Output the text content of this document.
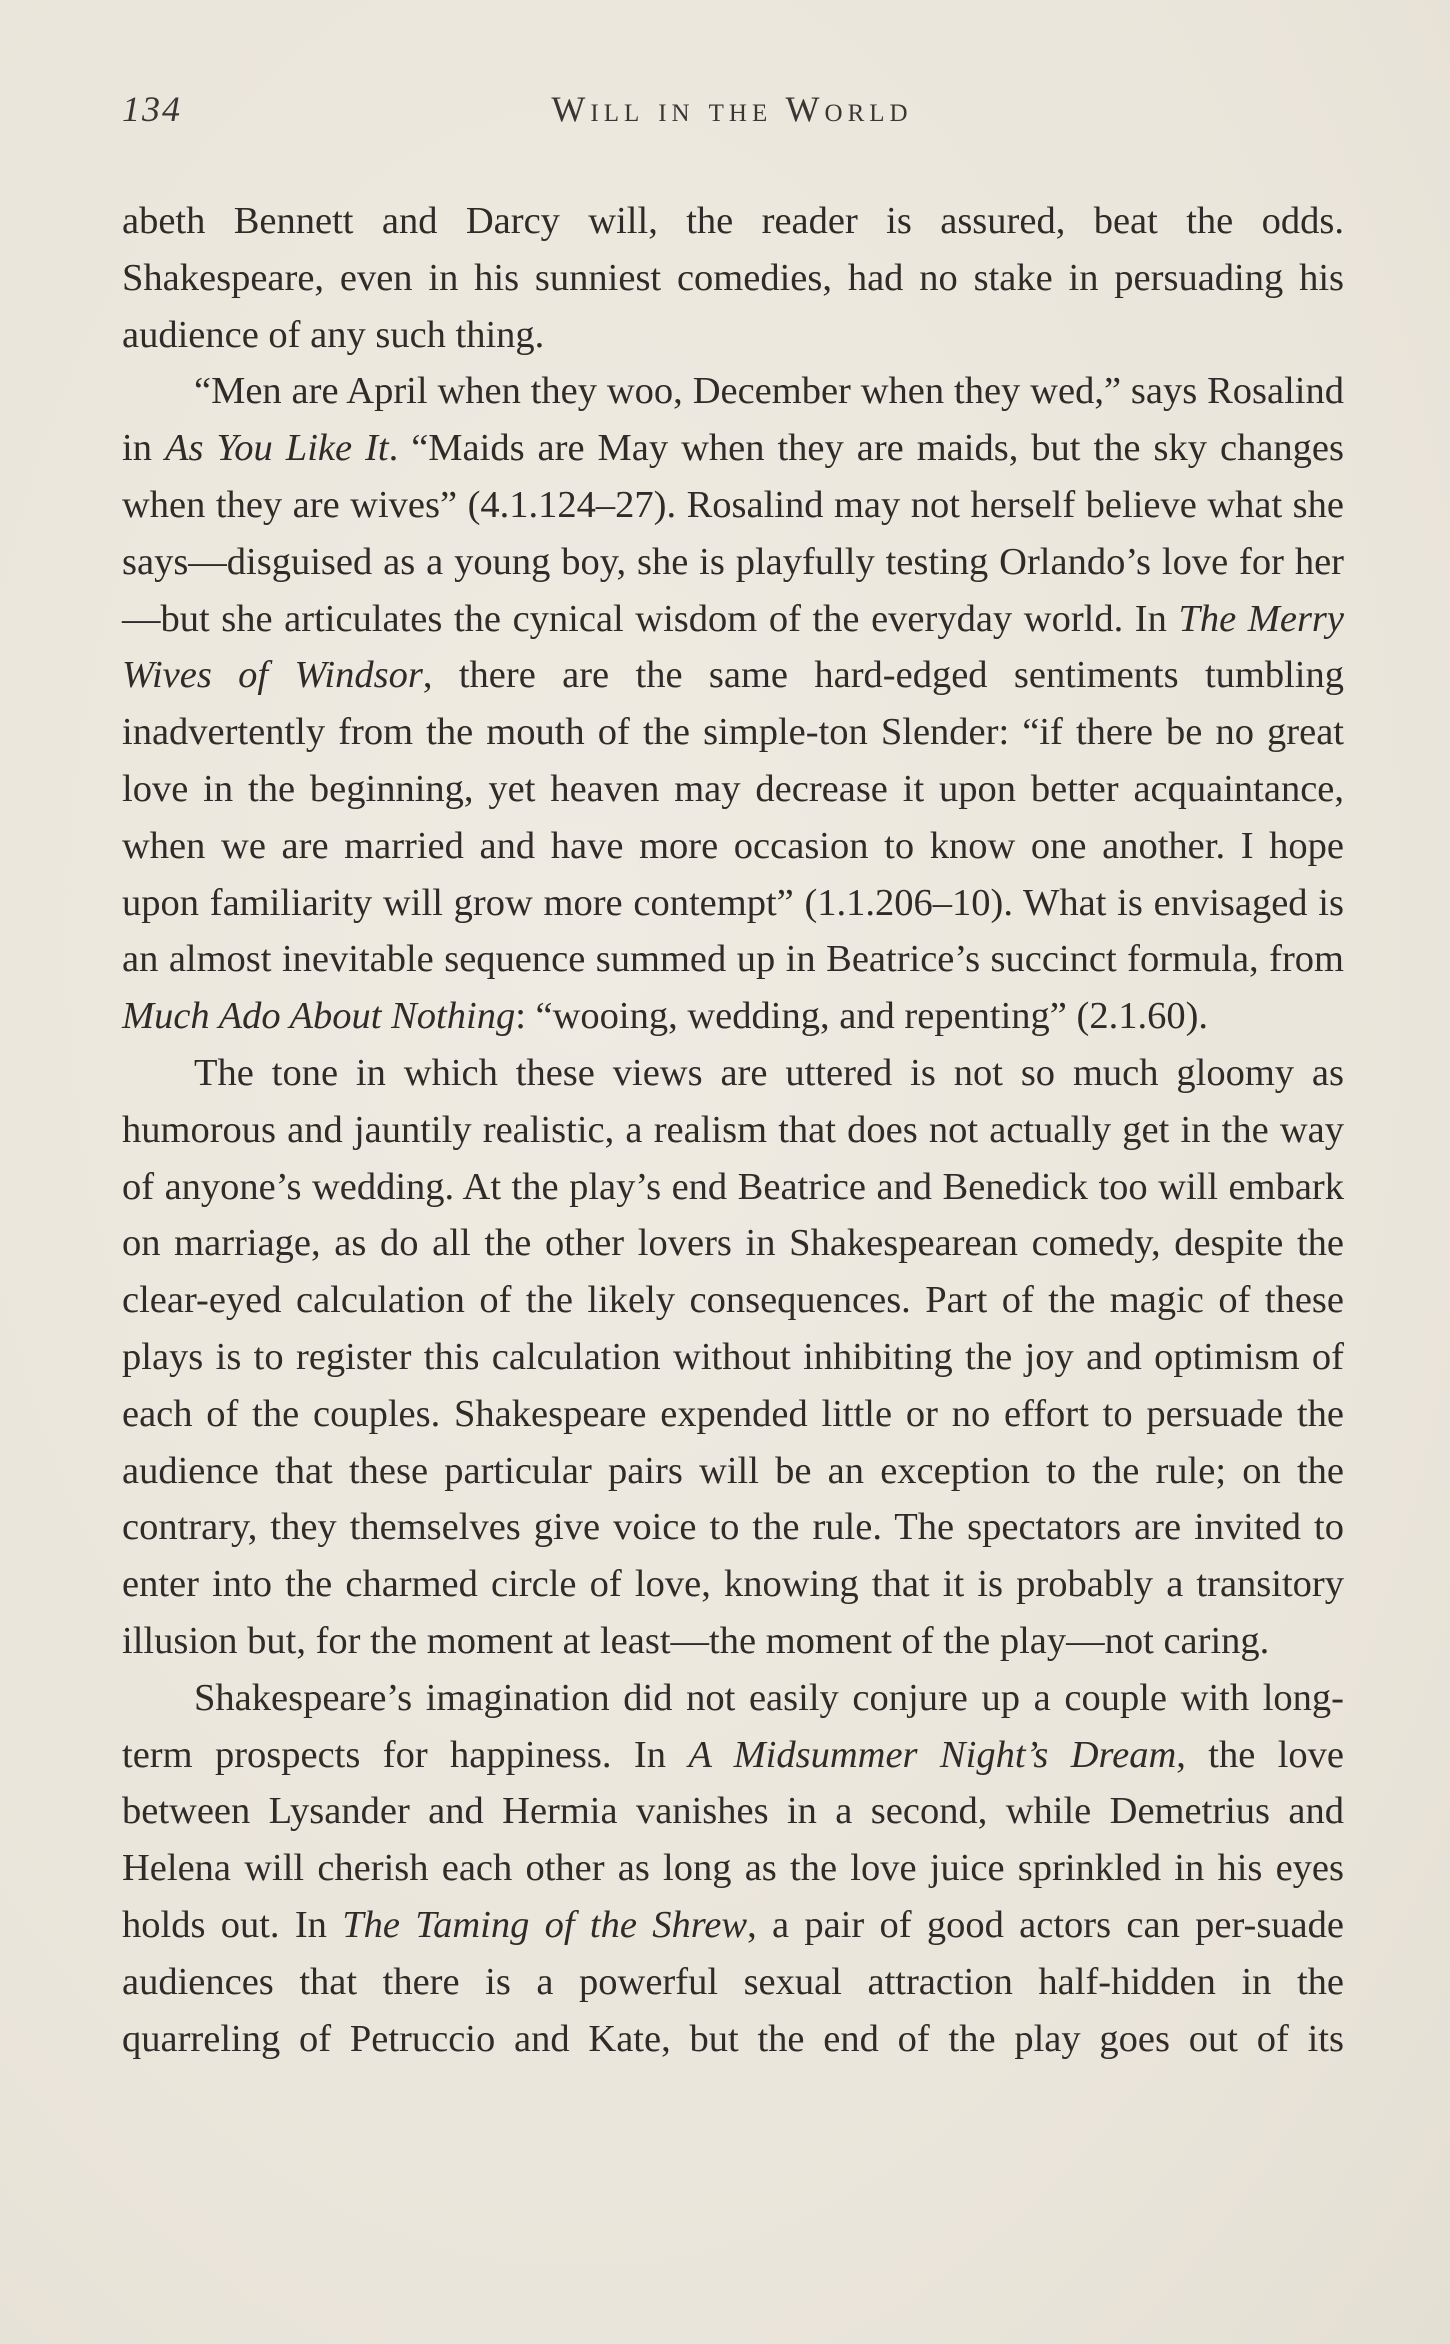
134	Will in the World

abeth Bennett and Darcy will, the reader is assured, beat the odds. Shakespeare, even in his sunniest comedies, had no stake in persuading his audience of any such thing.

“Men are April when they woo, December when they wed,” says Rosalind in As You Like It. “Maids are May when they are maids, but the sky changes when they are wives” (4.1.124–27). Rosalind may not herself believe what she says—disguised as a young boy, she is playfully testing Orlando’s love for her—but she articulates the cynical wisdom of the everyday world. In The Merry Wives of Windsor, there are the same hard-edged sentiments tumbling inadvertently from the mouth of the simple-ton Slender: “if there be no great love in the beginning, yet heaven may decrease it upon better acquaintance, when we are married and have more occasion to know one another. I hope upon familiarity will grow more contempt” (1.1.206–10). What is envisaged is an almost inevitable sequence summed up in Beatrice’s succinct formula, from Much Ado About Nothing: “wooing, wedding, and repenting” (2.1.60).

The tone in which these views are uttered is not so much gloomy as humorous and jauntily realistic, a realism that does not actually get in the way of anyone’s wedding. At the play’s end Beatrice and Benedick too will embark on marriage, as do all the other lovers in Shakespearean comedy, despite the clear-eyed calculation of the likely consequences. Part of the magic of these plays is to register this calculation without inhibiting the joy and optimism of each of the couples. Shakespeare expended little or no effort to persuade the audience that these particular pairs will be an exception to the rule; on the contrary, they themselves give voice to the rule. The spectators are invited to enter into the charmed circle of love, knowing that it is probably a transitory illusion but, for the moment at least—the moment of the play—not caring.

Shakespeare’s imagination did not easily conjure up a couple with long-term prospects for happiness. In A Midsummer Night’s Dream, the love between Lysander and Hermia vanishes in a second, while Demetrius and Helena will cherish each other as long as the love juice sprinkled in his eyes holds out. In The Taming of the Shrew, a pair of good actors can per-suade audiences that there is a powerful sexual attraction half-hidden in the quarreling of Petruccio and Kate, but the end of the play goes out of its
